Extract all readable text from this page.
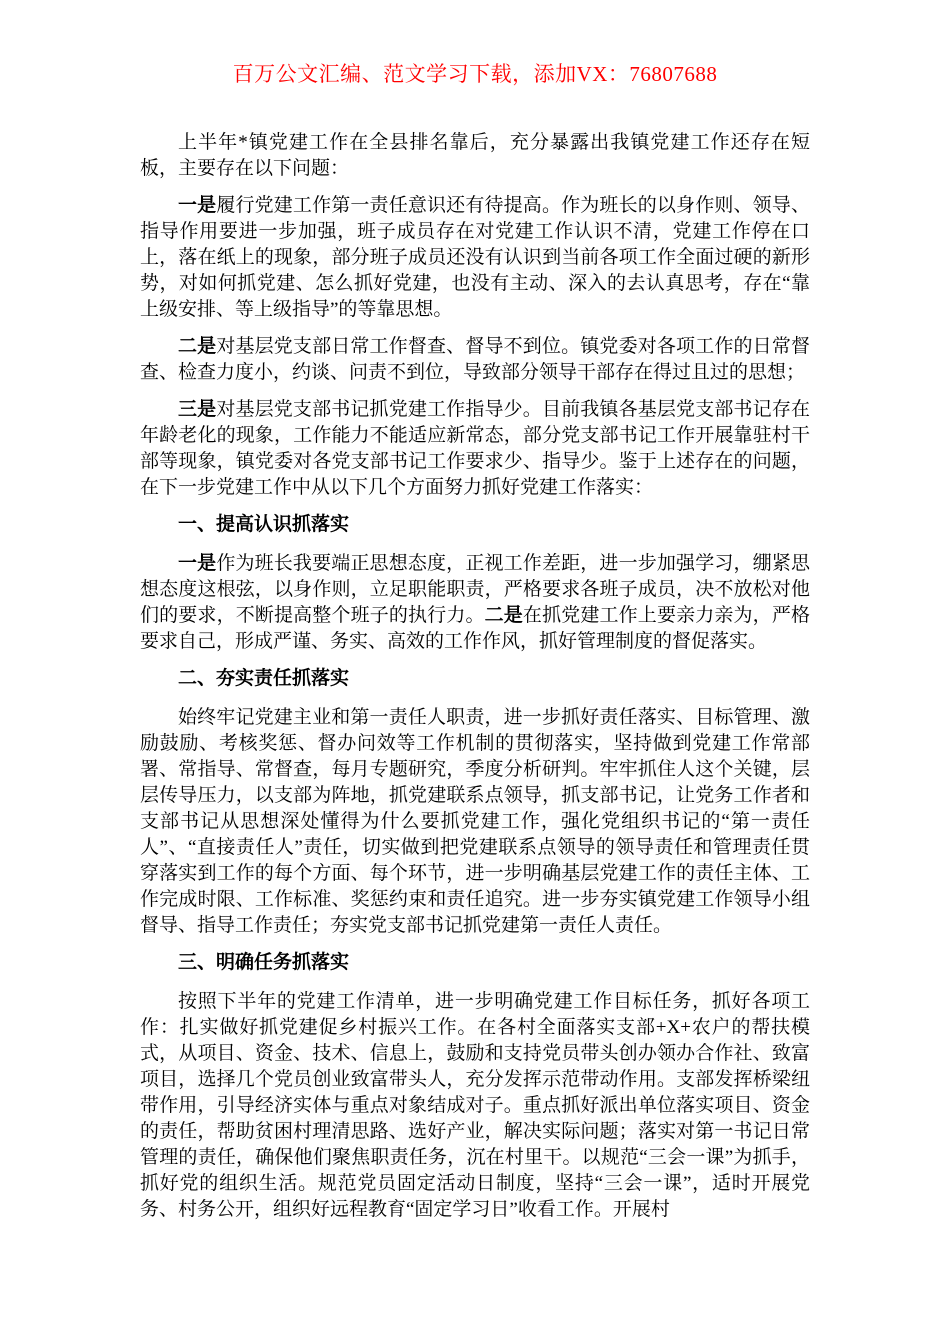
百万公文汇编、范文学习下载，添加VX：76807688

上半年*镇党建工作在全县排名靠后，充分暴露出我镇党建工作还存在短板，主要存在以下问题：

一是履行党建工作第一责任意识还有待提高。作为班长的以身作则、领导、指导作用要进一步加强，班子成员存在对党建工作认识不清，党建工作停在口上，落在纸上的现象，部分班子成员还没有认识到当前各项工作全面过硬的新形势，对如何抓党建、怎么抓好党建，也没有主动、深入的去认真思考，存在“靠上级安排、等上级指导”的等靠思想。

二是对基层党支部日常工作督查、督导不到位。镇党委对各项工作的日常督查、检查力度小，约谈、问责不到位，导致部分领导干部存在得过且过的思想；

三是对基层党支部书记抓党建工作指导少。目前我镇各基层党支部书记存在年龄老化的现象，工作能力不能适应新常态，部分党支部书记工作开展靠驻村干部等现象，镇党委对各党支部书记工作要求少、指导少。鉴于上述存在的问题，在下一步党建工作中从以下几个方面努力抓好党建工作落实：

一、提高认识抓落实

一是作为班长我要端正思想态度，正视工作差距，进一步加强学习，绷紧思想态度这根弦，以身作则，立足职能职责，严格要求各班子成员，决不放松对他们的要求，不断提高整个班子的执行力。二是在抓党建工作上要亲力亲为，严格要求自己，形成严谨、务实、高效的工作作风，抓好管理制度的督促落实。

二、夯实责任抓落实

始终牢记党建主业和第一责任人职责，进一步抓好责任落实、目标管理、激励鼓励、考核奖惩、督办问效等工作机制的贯彻落实，坚持做到党建工作常部署、常指导、常督查，每月专题研究，季度分析研判。牢牢抓住人这个关键，层层传导压力，以支部为阵地，抓党建联系点领导，抓支部书记，让党务工作者和支部书记从思想深处懂得为什么要抓党建工作，强化党组织书记的“第一责任人”、“直接责任人”责任，切实做到把党建联系点领导的领导责任和管理责任贯穿落实到工作的每个方面、每个环节，进一步明确基层党建工作的责任主体、工作完成时限、工作标准、奖惩约束和责任追究。进一步夯实镇党建工作领导小组督导、指导工作责任；夯实党支部书记抓党建第一责任人责任。

三、明确任务抓落实

按照下半年的党建工作清单，进一步明确党建工作目标任务，抓好各项工作：扎实做好抓党建促乡村振兴工作。在各村全面落实支部+X+农户的帮扶模式，从项目、资金、技术、信息上，鼓励和支持党员带头创办领办合作社、致富项目，选择几个党员创业致富带头人，充分发挥示范带动作用。支部发挥桥梁纽带作用，引导经济实体与重点对象结成对子。重点抓好派出单位落实项目、资金的责任，帮助贫困村理清思路、选好产业，解决实际问题；落实对第一书记日常管理的责任，确保他们聚焦职责任务，沉在村里干。以规范“三会一课”为抓手，抓好党的组织生活。规范党员固定活动日制度，坚持“三会一课”，适时开展党务、村务公开，组织好远程教育“固定学习日”收看工作。开展村
